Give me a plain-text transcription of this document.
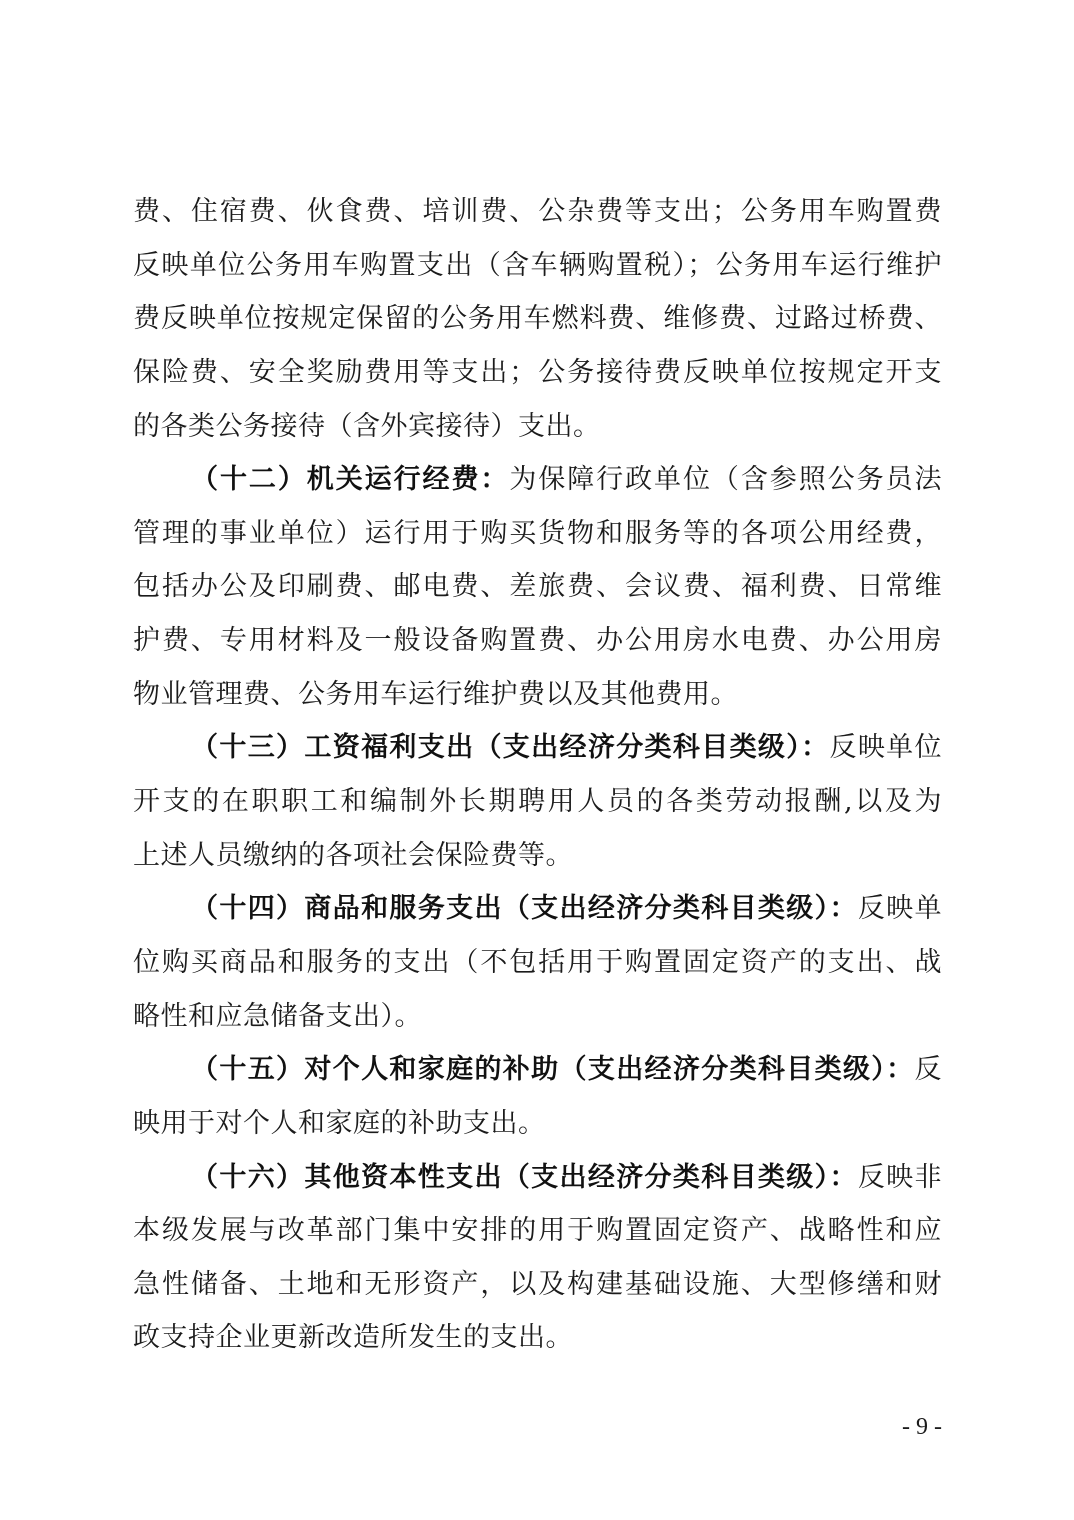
费、住宿费、伙食费、培训费、公杂费等支出；公务用车购置费
反映单位公务用车购置支出（含车辆购置税）；公务用车运行维护
费反映单位按规定保留的公务用车燃料费、维修费、过路过桥费、
保险费、安全奖励费用等支出；公务接待费反映单位按规定开支
的各类公务接待（含外宾接待）支出。
（十二）机关运行经费：为保障行政单位（含参照公务员法
管理的事业单位）运行用于购买货物和服务等的各项公用经费，
包括办公及印刷费、邮电费、差旅费、会议费、福利费、日常维
护费、专用材料及一般设备购置费、办公用房水电费、办公用房
物业管理费、公务用车运行维护费以及其他费用。
（十三）工资福利支出（支出经济分类科目类级）：反映单位
开支的在职职工和编制外长期聘用人员的各类劳动报酬,以及为
上述人员缴纳的各项社会保险费等。
（十四）商品和服务支出（支出经济分类科目类级）：反映单
位购买商品和服务的支出（不包括用于购置固定资产的支出、战
略性和应急储备支出）。
（十五）对个人和家庭的补助（支出经济分类科目类级）：反
映用于对个人和家庭的补助支出。
（十六）其他资本性支出（支出经济分类科目类级）：反映非
本级发展与改革部门集中安排的用于购置固定资产、战略性和应
急性储备、土地和无形资产，以及构建基础设施、大型修缮和财
政支持企业更新改造所发生的支出。
- 9 -
